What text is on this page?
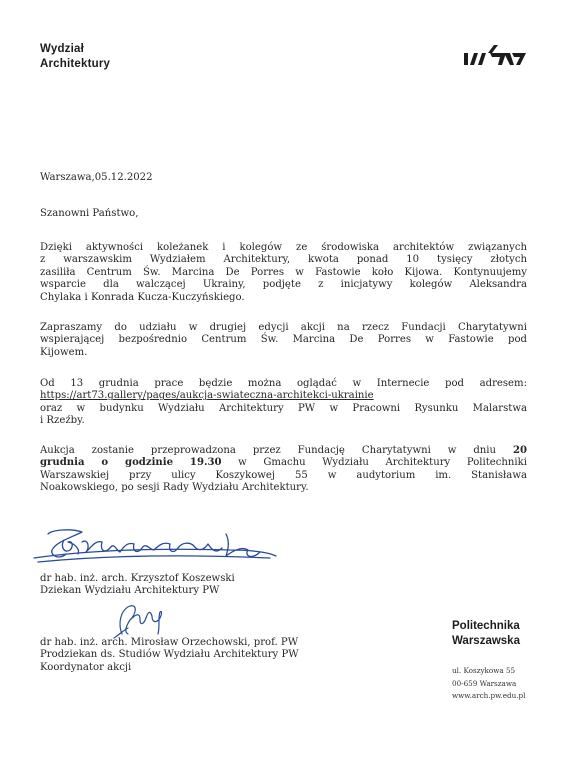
Wydział
Architektury
Warszawa,05.12.2022
Szanowni Państwo,
Dzięki aktywności koleżanek i kolegów ze środowiska architektów związanych
z warszawskim Wydziałem Architektury, kwota ponad 10 tysięcy złotych
zasiliła Centrum Św. Marcina De Porres w Fastowie koło Kijowa. Kontynuujemy
wsparcie dla walczącej Ukrainy, podjęte z inicjatywy kolegów Aleksandra
Chylaka i Konrada Kucza-Kuczyńskiego.
Zapraszamy do udziału w drugiej edycji akcji na rzecz Fundacji Charytatywni
wspierającej bezpośrednio Centrum Św. Marcina De Porres w Fastowie pod
Kijowem.
Od 13 grudnia prace będzie można oglądać w Internecie pod adresem:
https://art73.gallery/pages/aukcja-swiateczna-architekci-ukrainie
oraz w budynku Wydziału Architektury PW w Pracowni Rysunku Malarstwa
i Rzeźby.
Aukcja zostanie przeprowadzona przez Fundację Charytatywni w dniu 20
grudnia o godzinie 19.30 w Gmachu Wydziału Architektury Politechniki
Warszawskiej przy ulicy Koszykowej 55 w audytorium im. Stanisława
Noakowskiego, po sesji Rady Wydziału Architektury.
dr hab. inż. arch. Krzysztof Koszewski
Dziekan Wydziału Architektury PW
dr hab. inż. arch. Mirosław Orzechowski, prof. PW
Prodziekan ds. Studiów Wydziału Architektury PW
Koordynator akcji
Politechnika
Warszawska
ul. Koszykowa 55
00-659 Warszawa
www.arch.pw.edu.pl
